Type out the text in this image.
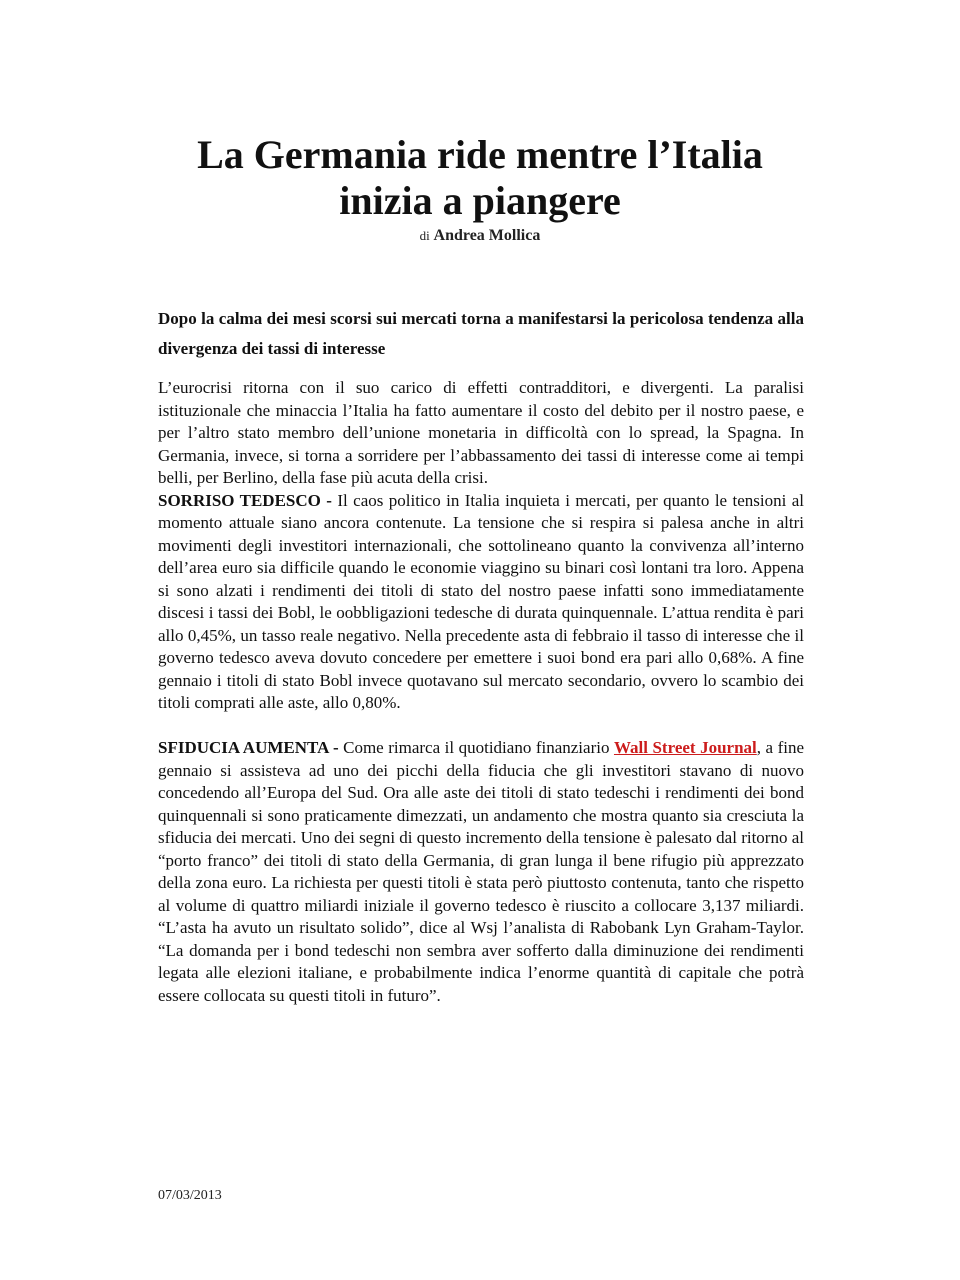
La Germania ride mentre l’Italia
inizia a piangere
di Andrea Mollica

Dopo la calma dei mesi scorsi sui mercati torna a manifestarsi la pericolosa tendenza alla divergenza dei tassi di interesse

L’eurocrisi ritorna con il suo carico di effetti contradditori, e divergenti. La paralisi istituzionale che minaccia l’Italia ha fatto aumentare il costo del debito per il nostro paese, e per l’altro stato membro dell’unione monetaria in difficoltà con lo spread, la Spagna. In Germania, invece, si torna a sorridere per l’abbassamento dei tassi di interesse come ai tempi belli, per Berlino, della fase più acuta della crisi.

SORRISO TEDESCO - Il caos politico in Italia inquieta i mercati, per quanto le tensioni al momento attuale siano ancora contenute. La tensione che si respira si palesa anche in altri movimenti degli investitori internazionali, che sottolineano quanto la convivenza all’interno dell’area euro sia difficile quando le economie viaggino su binari così lontani tra loro. Appena si sono alzati i rendimenti dei titoli di stato del nostro paese infatti sono immediatamente discesi i tassi dei Bobl, le oobbligazioni tedesche di durata quinquennale. L’attua rendita è pari allo 0,45%, un tasso reale negativo. Nella precedente asta di febbraio il tasso di interesse che il governo tedesco aveva dovuto concedere per emettere i suoi bond era pari allo 0,68%. A fine gennaio i titoli di stato Bobl invece quotavano sul mercato secondario, ovvero lo scambio dei titoli comprati alle aste, allo 0,80%.

SFIDUCIA AUMENTA - Come rimarca il quotidiano finanziario Wall Street Journal, a fine gennaio si assisteva ad uno dei picchi della fiducia che gli investitori stavano di nuovo concedendo all’Europa del Sud. Ora alle aste dei titoli di stato tedeschi i rendimenti dei bond quinquennali si sono praticamente dimezzati, un andamento che mostra quanto sia cresciuta la sfiducia dei mercati. Uno dei segni di questo incremento della tensione è palesato dal ritorno al “porto franco” dei titoli di stato della Germania, di gran lunga il bene rifugio più apprezzato della zona euro. La richiesta per questi titoli è stata però piuttosto contenuta, tanto che rispetto al volume di quattro miliardi iniziale il governo tedesco è riuscito a collocare 3,137 miliardi. “L’asta ha avuto un risultato solido”, dice al Wsj l’analista di Rabobank Lyn Graham-Taylor. “La domanda per i bond tedeschi non sembra aver sofferto dalla diminuzione dei rendimenti legata alle elezioni italiane, e probabilmente indica l’enorme quantità di capitale che potrà essere collocata su questi titoli in futuro”.

07/03/2013
